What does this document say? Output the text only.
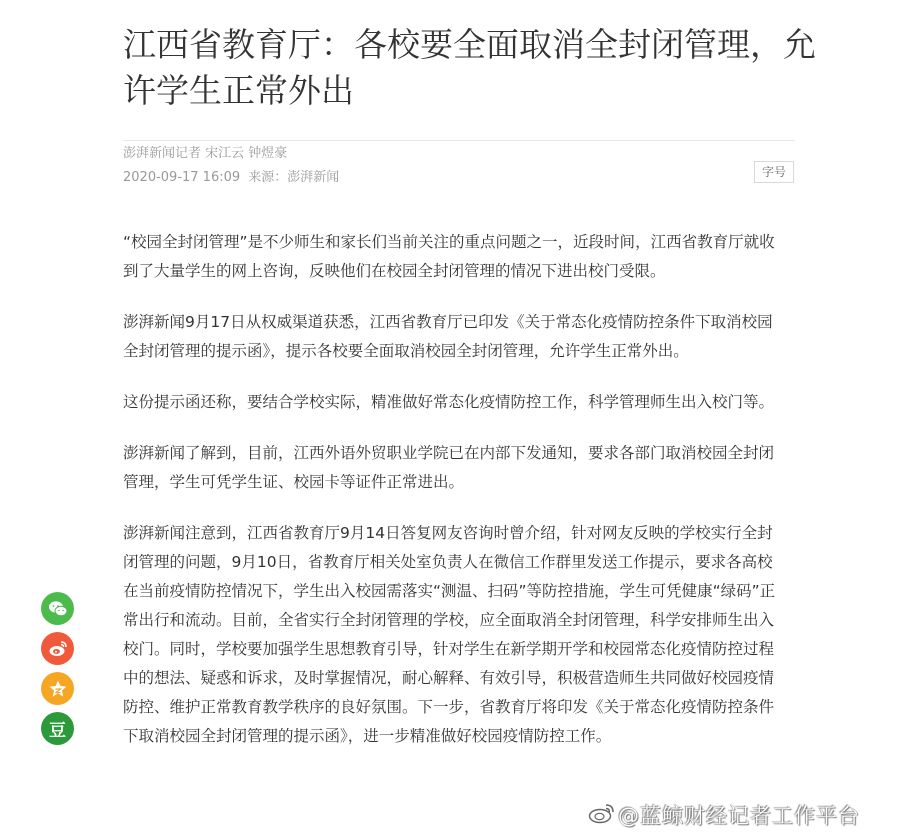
江西省教育厅：各校要全面取消全封闭管理，允许学生正常外出
澎湃新闻记者 宋江云 钟煜豪
2020-09-17 16:09 来源：澎湃新闻	字号

“校园全封闭管理”是不少师生和家长们当前关注的重点问题之一，近段时间，江西省教育厅就收到了大量学生的网上咨询，反映他们在校园全封闭管理的情况下进出校门受限。

澎湃新闻9月17日从权威渠道获悉，江西省教育厅已印发《关于常态化疫情防控条件下取消校园全封闭管理的提示函》，提示各校要全面取消校园全封闭管理，允许学生正常外出。

这份提示函还称，要结合学校实际，精准做好常态化疫情防控工作，科学管理师生出入校门等。

澎湃新闻了解到，目前，江西外语外贸职业学院已在内部下发通知，要求各部门取消校园全封闭管理，学生可凭学生证、校园卡等证件正常进出。

澎湃新闻注意到，江西省教育厅9月14日答复网友咨询时曾介绍，针对网友反映的学校实行全封闭管理的问题，9月10日，省教育厅相关处室负责人在微信工作群里发送工作提示，要求各高校在当前疫情防控情况下，学生出入校园需落实“测温、扫码”等防控措施，学生可凭健康“绿码”正常出行和流动。目前，全省实行全封闭管理的学校，应全面取消全封闭管理，科学安排师生出入校门。同时，学校要加强学生思想教育引导，针对学生在新学期开学和校园常态化疫情防控过程中的想法、疑惑和诉求，及时掌握情况，耐心解释、有效引导，积极营造师生共同做好校园疫情防控、维护正常教育教学秩序的良好氛围。下一步，省教育厅将印发《关于常态化疫情防控条件下取消校园全封闭管理的提示函》，进一步精准做好校园疫情防控工作。

豆
@蓝鲸财经记者工作平台
